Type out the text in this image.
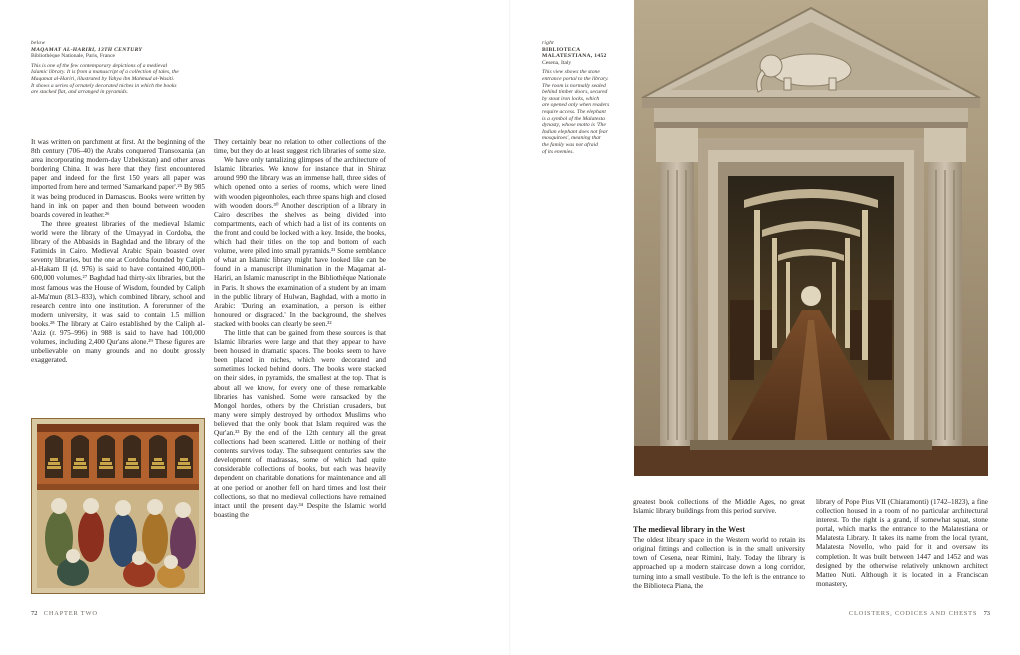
below
MAQAMAT AL-HARIRI, 13TH CENTURY
Bibliothèque Nationale, Paris, France
This is one of the few contemporary depictions of a medieval
Islamic library. It is from a manuscript of a collection of tales, the
Maqamat al-Hariri, illustrated by Yahya ibn Mahmud al-Wasiti.
It shows a series of ornately decorated niches in which the books
are stacked flat, and arranged in pyramids.

It was written on parchment at first. At the beginning of the 8th century (706–40) the Arabs conquered Transoxania (an area incorporating modern-day Uzbekistan) and other areas bordering China. It was here that they first encountered paper and indeed for the first 150 years all paper was imported from here and termed 'Samarkand paper'.²⁵ By 985 it was being produced in Damascus. Books were written by hand in ink on paper and then bound between wooden boards covered in leather.²⁶

The three greatest libraries of the medieval Islamic world were the library of the Umayyad in Cordoba, the library of the Abbasids in Baghdad and the library of the Fatimids in Cairo. Medieval Arabic Spain boasted over seventy libraries, but the one at Cordoba founded by Caliph al-Hakam II (d. 976) is said to have contained 400,000–600,000 volumes.²⁷ Baghdad had thirty-six libraries, but the most famous was the House of Wisdom, founded by Caliph al-Ma'mun (813–833), which combined library, school and research centre into one institution. A forerunner of the modern university, it was said to contain 1.5 million books.²⁸ The library at Cairo established by the Caliph al-'Aziz (r. 975–996) in 988 is said to have had 100,000 volumes, including 2,400 Qur'ans alone.²⁹ These figures are unbelievable on many grounds and no doubt grossly exaggerated.

They certainly bear no relation to other collections of the time, but they do at least suggest rich libraries of some size.

We have only tantalizing glimpses of the architecture of Islamic libraries. We know for instance that in Shiraz around 990 the library was an immense hall, three sides of which opened onto a series of rooms, which were lined with wooden pigeonholes, each three spans high and closed with wooden doors.³⁰ Another description of a library in Cairo describes the shelves as being divided into compartments, each of which had a list of its contents on the front and could be locked with a key. Inside, the books, which had their titles on the top and bottom of each volume, were piled into small pyramids.³¹ Some semblance of what an Islamic library might have looked like can be found in a manuscript illumination in the Maqamat al-Hariri, an Islamic manuscript in the Bibliothèque Nationale in Paris. It shows the examination of a student by an imam in the public library of Hulwan, Baghdad, with a motto in Arabic: 'During an examination, a person is either honoured or disgraced.' In the background, the shelves stacked with books can clearly be seen.³²

The little that can be gained from these sources is that Islamic libraries were large and that they appear to have been housed in dramatic spaces. The books seem to have been placed in niches, which were decorated and sometimes locked behind doors. The books were stacked on their sides, in pyramids, the smallest at the top. That is about all we know, for every one of these remarkable libraries has vanished. Some were ransacked by the Mongol hordes, others by the Christian crusaders, but many were simply destroyed by orthodox Muslims who believed that the only book that Islam required was the Qur'an.³³ By the end of the 12th century all the great collections had been scattered. Little or nothing of their contents survives today. The subsequent centuries saw the development of madrassas, some of which had quite considerable collections of books, but each was heavily dependent on charitable donations for maintenance and all at one period or another fell on hard times and lost their collections, so that no medieval collections have remained intact until the present day.³⁴ Despite the Islamic world boasting the

72 CHAPTER TWO
right
BIBLIOTECA
MALATESTIANA, 1452
Cesena, Italy
This view shows the stone
entrance portal to the library.
The room is normally sealed
behind timber doors, secured
by stout iron locks, which
are opened only when readers
require access. The elephant
is a symbol of the Malatesta
dynasty, whose motto is 'The
Indian elephant does not fear
mosquitoes', meaning that
the family was not afraid
of its enemies.

greatest book collections of the Middle Ages, no great Islamic library buildings from this period survive.

The medieval library in the West

The oldest library space in the Western world to retain its original fittings and collection is in the small university town of Cesena, near Rimini, Italy. Today the library is approached up a modern staircase down a long corridor, turning into a small vestibule. To the left is the entrance to the Biblioteca Piana, the

library of Pope Pius VII (Chiaramonti) (1742–1823), a fine collection housed in a room of no particular architectural interest. To the right is a grand, if somewhat squat, stone portal, which marks the entrance to the Malatestiana or Malatesta Library. It takes its name from the local tyrant, Malatesta Novello, who paid for it and oversaw its completion. It was built between 1447 and 1452 and was designed by the otherwise relatively unknown architect Matteo Nuti. Although it is located in a Franciscan monastery,

CLOISTERS, CODICES AND CHESTS 73
